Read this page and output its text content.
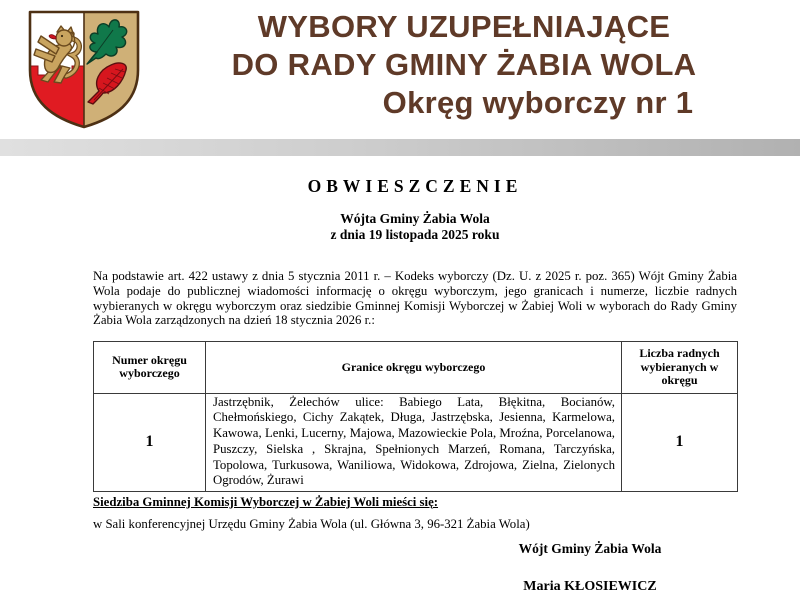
WYBORY UZUPEŁNIAJĄCE
DO RADY GMINY ŻABIA WOLA
Okręg wyborczy nr 1
OBWIESZCZENIE
Wójta Gminy Żabia Wola
z dnia 19 listopada 2025 roku
Na podstawie art. 422 ustawy z dnia 5 stycznia 2011 r. – Kodeks wyborczy (Dz. U. z 2025 r. poz. 365) Wójt Gminy Żabia Wola podaje do publicznej wiadomości informację o okręgu wyborczym, jego granicach i numerze, liczbie radnych wybieranych w okręgu wyborczym oraz siedzibie Gminnej Komisji Wyborczej w Żabiej Woli w wyborach do Rady Gminy Żabia Wola zarządzonych na dzień 18 stycznia 2026 r.:
Numer okręgu wyborczego	Granice okręgu wyborczego	Liczba radnych wybieranych w okręgu
1	Jastrzębnik, Żelechów ulice: Babiego Lata, Błękitna, Bocianów, Chełmońskiego, Cichy Zakątek, Długa, Jastrzębska, Jesienna, Karmelowa, Kawowa, Lenki, Lucerny, Majowa, Mazowieckie Pola, Mroźna, Porcelanowa, Puszczy, Sielska , Skrajna, Spełnionych Marzeń, Romana, Tarczyńska, Topolowa, Turkusowa, Waniliowa, Widokowa, Zdrojowa, Zielna, Zielonych Ogrodów, Żurawi	1
Siedziba Gminnej Komisji Wyborczej w Żabiej Woli mieści się:
w Sali konferencyjnej Urzędu Gminy Żabia Wola (ul. Główna 3, 96-321 Żabia Wola)
Wójt Gminy Żabia Wola
Maria KŁOSIEWICZ
